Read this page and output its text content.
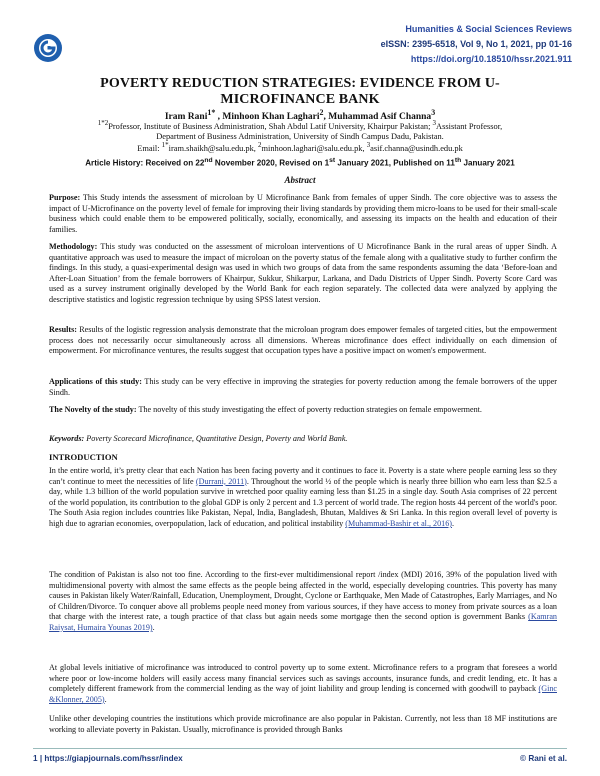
Humanities & Social Sciences Reviews
eISSN: 2395-6518, Vol 9, No 1, 2021, pp 01-16
https://doi.org/10.18510/hssr.2021.911
POVERTY REDUCTION STRATEGIES: EVIDENCE FROM U-
MICROFINANCE BANK
Iram Rani$^{1*}$ , Minhoon Khan Laghari$^2$, Muhammad Asif Channa$^3$
$^{1*2}$Professor, Institute of Business Administration, Shah Abdul Latif University, Khairpur Pakistan; $^3$Assistant Professor,
Department of Business Administration, University of Sindh Campus Dadu, Pakistan.
Email: $^{1*}$iram.shaikh@salu.edu.pk, $^2$minhoon.laghari@salu.edu.pk, $^3$asif.channa@usindh.edu.pk
Article History: Received on 22nd November 2020, Revised on 1st January 2021, Published on 11th January 2021
Abstract
Purpose: This Study intends the assessment of microloan by U Microfinance Bank from females of upper Sindh. The core objective was to assess the impact of U-Microfinance on the poverty level of female for improving their living standards by providing them micro-loans to be used for their small-scale business which could enable them to be empowered politically, socially, economically, and assessing its impacts on the health and education of their families.
Methodology: This study was conducted on the assessment of microloan interventions of U Microfinance Bank in the rural areas of upper Sindh. A quantitative approach was used to measure the impact of microloan on the poverty status of the female along with a qualitative study to further confirm the findings. In this study, a quasi-experimental design was used in which two groups of data from the same respondents assuming the data ‘Before-loan and After-Loan Situation’ from the female borrowers of Khairpur, Sukkur, Shikarpur, Larkana, and Dadu Districts of Upper Sindh. Poverty Score Card was used as a survey instrument originally developed by the World Bank for each region separately. The collected data were analyzed by applying the descriptive statistics and logistic regression technique by using SPSS latest version.
Results: Results of the logistic regression analysis demonstrate that the microloan program does empower females of targeted cities, but the empowerment process does not necessarily occur simultaneously across all dimensions. Whereas microfinance does effect individually on each dimension of empowerment. For microfinance ventures, the results suggest that occupation types have a positive impact on women's empowerment.
Applications of this study: This study can be very effective in improving the strategies for poverty reduction among the female borrowers of the upper Sindh.
The Novelty of the study: The novelty of this study investigating the effect of poverty reduction strategies on female empowerment.
Keywords: Poverty Scorecard Microfinance, Quantitative Design, Poverty and World Bank.
INTRODUCTION
In the entire world, it’s pretty clear that each Nation has been facing poverty and it continues to face it. Poverty is a state where people earning less so they can’t continue to meet the necessities of life (Durrani, 2011). Throughout the world ½ of the people which is nearly three billion who earn less than $2.5 a day, while 1.3 billion of the world population survive in wretched poor quality earning less than $1.25 in a single day. South Asia comprises of 22 percent of the world population, its contribution to the global GDP is only 2 percent and 1.3 percent of world trade. The region hosts 44 percent of the world's poor. The South Asia region includes countries like Pakistan, Nepal, India, Bangladesh, Bhutan, Maldives & Sri Lanka. In this region overall level of poverty is high due to agrarian economies, overpopulation, lack of education, and political instability (Muhammad-Bashir et al., 2016).
The condition of Pakistan is also not too fine. According to the first-ever multidimensional report /index (MDI) 2016, 39% of the population lived with multidimensional poverty with almost the same effects as the people being affected in the world, especially developing countries. This poverty has many causes in Pakistan likely Water/Rainfall, Education, Unemployment, Drought, Cyclone or Earthquake, Men Made of Catastrophes, Early Marriages, and No of Children/Divorce. To conquer above all problems people need money from various sources, if they have access to money from private sources as a loan that charge with the interest rate, a tough practice of that class but again needs some mortgage then the second option is government Banks (Kamran Raiysat, Humaira Younas 2019).
At global levels initiative of microfinance was introduced to control poverty up to some extent. Microfinance refers to a program that foresees a world where poor or low-income holders will easily access many financial services such as savings accounts, insurance funds, and credit lending, etc. It has a completely different framework from the commercial lending as the way of joint liability and group lending is concerned with goodwill to payback (Ginc &Klonner, 2005).
Unlike other developing countries the institutions which provide microfinance are also popular in Pakistan. Currently, not less than 18 MF institutions are working to alleviate poverty in Pakistan. Usually, microfinance is provided through Banks
1 | https://giapjournals.com/hssr/index	© Rani et al.
